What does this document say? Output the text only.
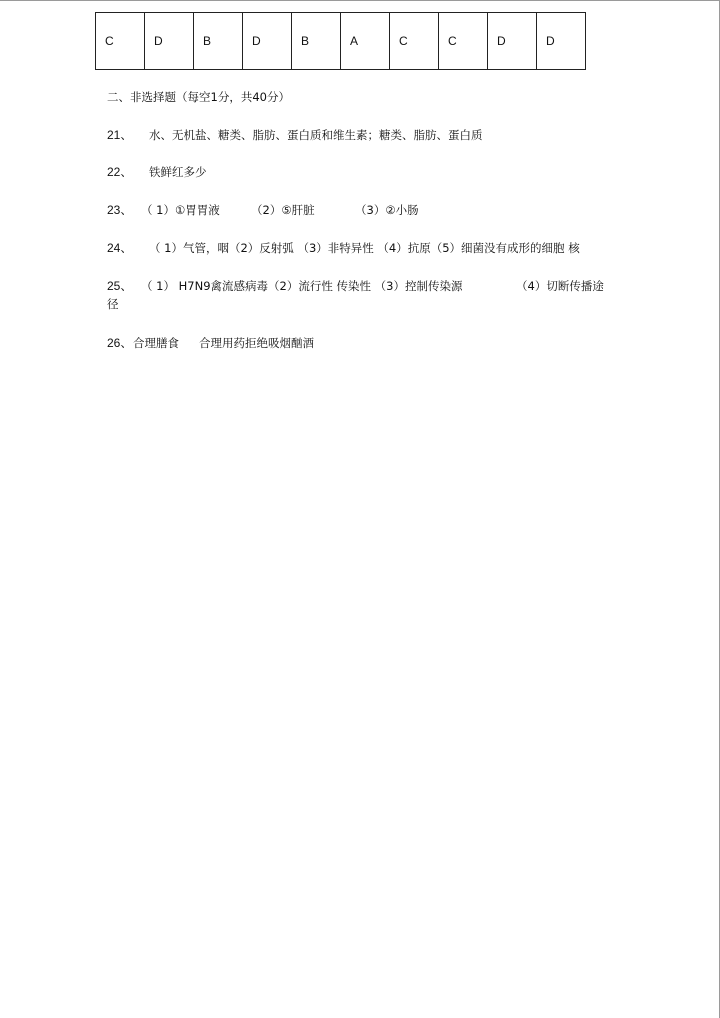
C	D	B	D	B	A	C	C	D	D
二、非选择题（每空1分，共40分）
21、 水、无机盐、糖类、脂肪、蛋白质和维生素；糖类、脂肪、蛋白质
22、 铁鲜红多少
23、 （ 1）①胃胃液	（2）⑤肝脏	（3）②小肠
24、 （ 1）气管，咽（2）反射弧 （3）非特异性 （4）抗原（5）细菌没有成形的细胞 核
25、 （ 1） H7N9禽流感病毒（2）流行性 传染性 （3）控制传染源	（4）切断传播途
径
26、合理膳食 合理用药拒绝吸烟酗酒
